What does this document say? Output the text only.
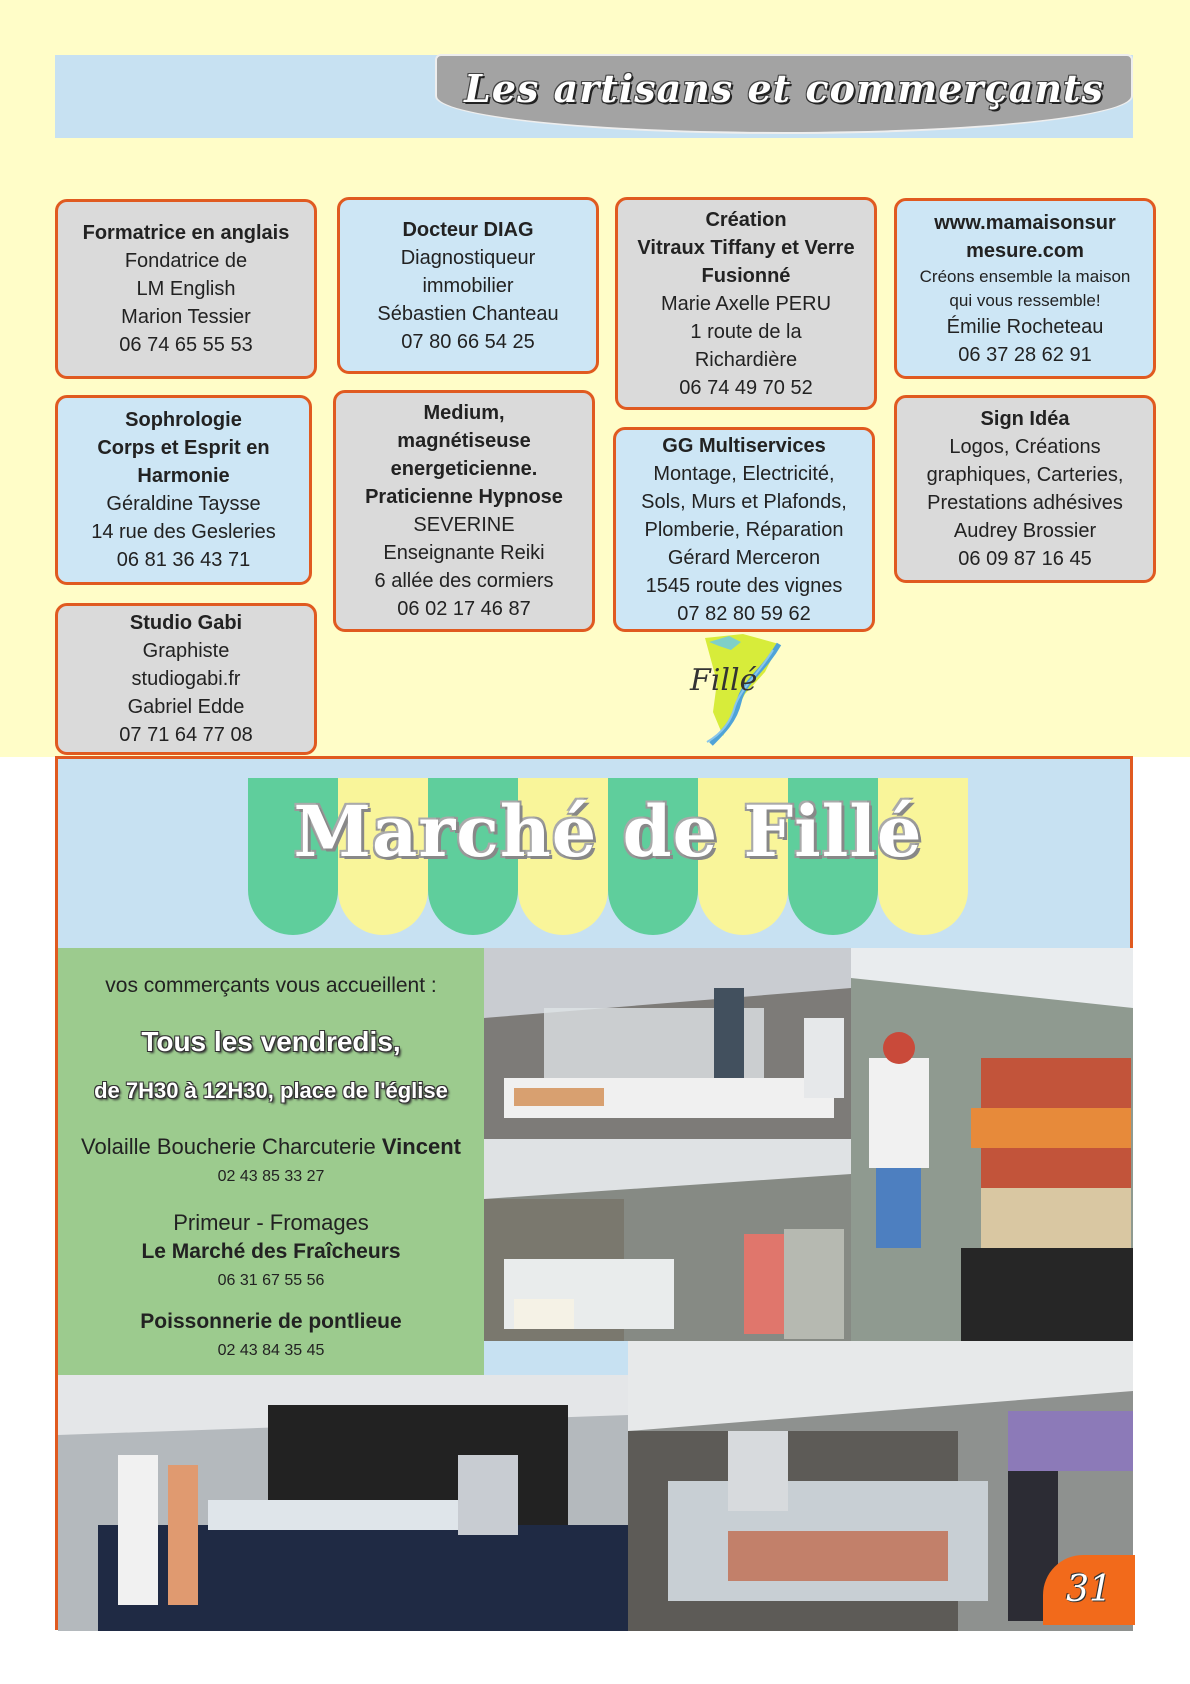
Les artisans et commerçants
Formatrice en anglais
Fondatrice de
LM English
Marion Tessier
06 74 65 55 53
Docteur DIAG
Diagnostiqueur
immobilier
Sébastien Chanteau
07 80 66 54 25
Création
Vitraux Tiffany et Verre
Fusionné
Marie Axelle PERU
1 route de la
Richardière
06 74 49 70 52
www.mamaisonsur
mesure.com
Créons ensemble la maison
qui vous ressemble!
Émilie Rocheteau
06 37 28 62 91
Sophrologie
Corps et Esprit en
Harmonie
Géraldine Taysse
14 rue des Gesleries
06 81 36 43 71
Medium,
magnétiseuse
energeticienne.
Praticienne Hypnose
SEVERINE
Enseignante Reiki
6 allée des cormiers
06 02 17 46 87
GG Multiservices
Montage, Electricité,
Sols, Murs et Plafonds,
Plomberie, Réparation
Gérard Merceron
1545 route des vignes
07 82 80 59 62
Sign Idéa
Logos, Créations
graphiques, Carteries,
Prestations adhésives
Audrey Brossier
06 09 87 16 45
Studio Gabi
Graphiste
studiogabi.fr
Gabriel Edde
07 71 64 77 08
Fillé
Marché de Fillé
vos commerçants vous accueillent :
Tous les vendredis,
de 7H30 à 12H30, place de l'église
Volaille Boucherie Charcuterie Vincent
02 43 85 33 27
Primeur - Fromages
Le Marché des Fraîcheurs
06 31 67 55 56
Poissonnerie de pontlieue
02 43 84 35 45
31
